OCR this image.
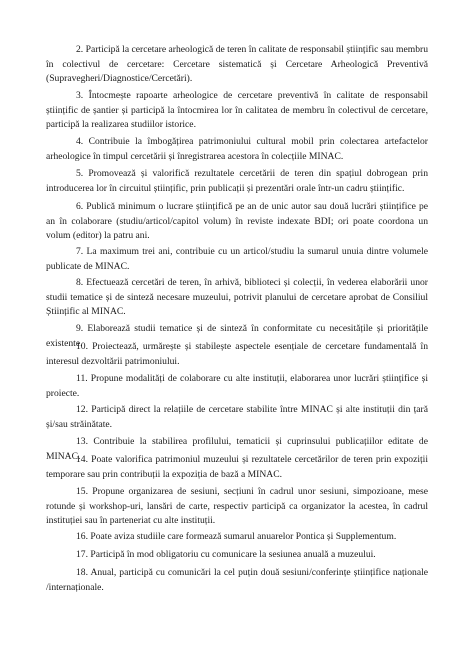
2. Participă la cercetare arheologică de teren în calitate de responsabil științific sau membru în colectivul de cercetare: Cercetare sistematică și Cercetare Arheologică Preventivă (Supravegheri/Diagnostice/Cercetări).

3. Întocmește rapoarte arheologice de cercetare preventivă în calitate de responsabil științific de șantier și participă la întocmirea lor în calitatea de membru în colectivul de cercetare, participă la realizarea studiilor istorice.

4. Contribuie la îmbogățirea patrimoniului cultural mobil prin colectarea artefactelor arheologice în timpul cercetării și înregistrarea acestora în colecțiile MINAC.

5. Promovează și valorifică rezultatele cercetării de teren din spațiul dobrogean prin introducerea lor în circuitul științific, prin publicații și prezentări orale într-un cadru științific.

6. Publică minimum o lucrare științifică pe an de unic autor sau două lucrări științifice pe an în colaborare (studiu/articol/capitol volum) în reviste indexate BDI; ori poate coordona un volum (editor) la patru ani.

7. La maximum trei ani, contribuie cu un articol/studiu la sumarul unuia dintre volumele publicate de MINAC.

8. Efectuează cercetări de teren, în arhivă, biblioteci și colecții, în vederea elaborării unor studii tematice și de sinteză necesare muzeului, potrivit planului de cercetare aprobat de Consiliul Științific al MINAC.

9. Elaborează studii tematice și de sinteză în conformitate cu necesitățile și prioritățile existente.

10. Proiectează, urmărește și stabilește aspectele esențiale de cercetare fundamentală în interesul dezvoltării patrimoniului.

11. Propune modalități de colaborare cu alte instituții, elaborarea unor lucrări științifice și proiecte.

12. Participă direct la relațiile de cercetare stabilite între MINAC și alte instituții din țară și/sau străinătate.

13. Contribuie la stabilirea profilului, tematicii și cuprinsului publicațiilor editate de MINAC.

14. Poate valorifica patrimoniul muzeului și rezultatele cercetărilor de teren prin expoziții temporare sau prin contribuții la expoziția de bază a MINAC.

15. Propune organizarea de sesiuni, secțiuni în cadrul unor sesiuni, simpozioane, mese rotunde și workshop-uri, lansări de carte, respectiv participă ca organizator la acestea, în cadrul instituției sau în parteneriat cu alte instituții.

16. Poate aviza studiile care formează sumarul anuarelor Pontica și Supplementum.

17. Participă în mod obligatoriu cu comunicare la sesiunea anuală a muzeului.

18. Anual, participă cu comunicări la cel puțin două sesiuni/conferințe științifice naționale /internaționale.
